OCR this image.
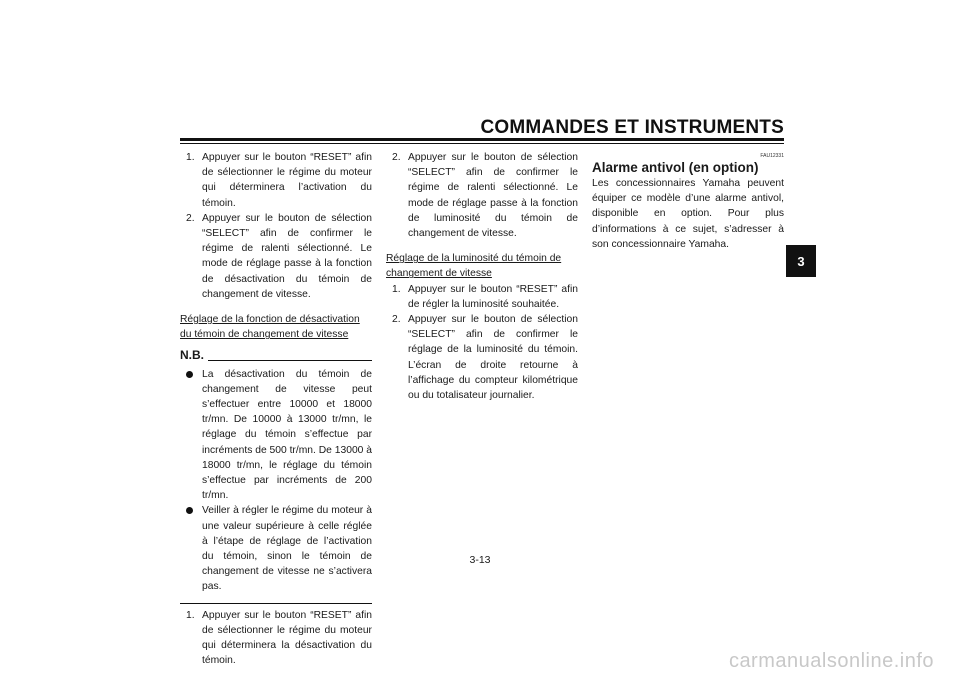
COMMANDES ET INSTRUMENTS
3
1. Appuyer sur le bouton “RESET” afin de sélectionner le régime du moteur qui déterminera l’activation du témoin.
2. Appuyer sur le bouton de sélection “SELECT” afin de confirmer le régime de ralenti sélectionné. Le mode de réglage passe à la fonction de désactivation du témoin de changement de vitesse.
Réglage de la fonction de désactivation du témoin de changement de vitesse
N.B.
La désactivation du témoin de changement de vitesse peut s’effectuer entre 10000 et 18000 tr/mn. De 10000 à 13000 tr/mn, le réglage du témoin s’effectue par incréments de 500 tr/mn. De 13000 à 18000 tr/mn, le réglage du témoin s’effectue par incréments de 200 tr/mn.
Veiller à régler le régime du moteur à une valeur supérieure à celle réglée à l’étape de réglage de l’activation du témoin, sinon le témoin de changement de vitesse ne s’activera pas.
1. Appuyer sur le bouton “RESET” afin de sélectionner le régime du moteur qui déterminera la désactivation du témoin.
2. Appuyer sur le bouton de sélection “SELECT” afin de confirmer le régime de ralenti sélectionné. Le mode de réglage passe à la fonction de luminosité du témoin de changement de vitesse.
Réglage de la luminosité du témoin de changement de vitesse
1. Appuyer sur le bouton “RESET” afin de régler la luminosité souhaitée.
2. Appuyer sur le bouton de sélection “SELECT” afin de confirmer le réglage de la luminosité du témoin. L’écran de droite retourne à l’affichage du compteur kilométrique ou du totalisateur journalier.
FAU12331
Alarme antivol (en option)
Les concessionnaires Yamaha peuvent équiper ce modèle d’une alarme antivol, disponible en option. Pour plus d’informations à ce sujet, s’adresser à son concessionnaire Yamaha.
3-13
carmanualsonline.info
